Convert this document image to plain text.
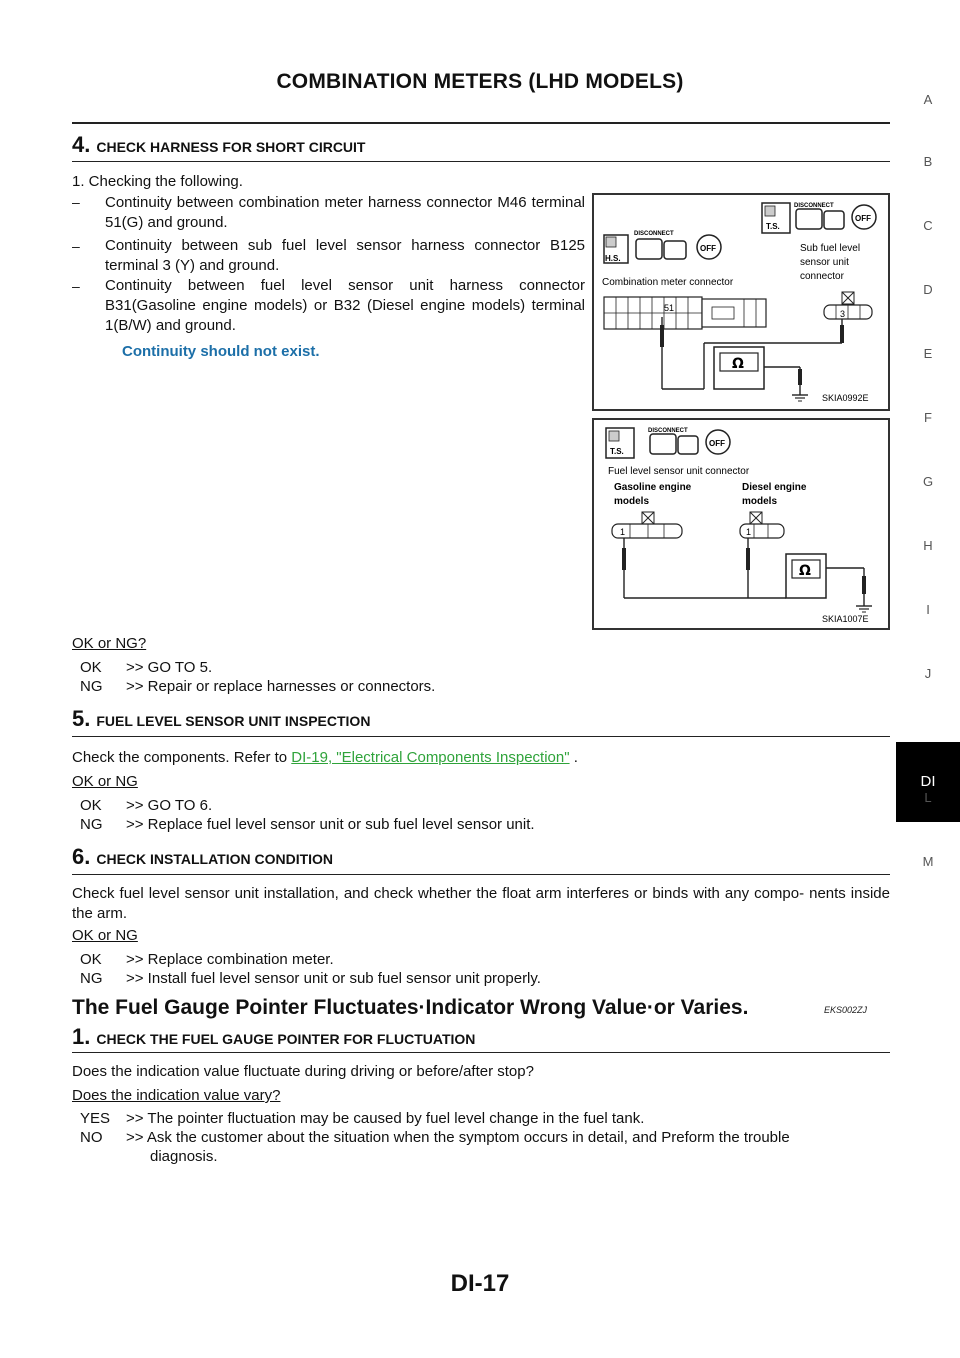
COMBINATION METERS (LHD MODELS)
A
B
C
D
E
F
G
H
I
J
DI
L
M
4. CHECK HARNESS FOR SHORT CIRCUIT
1. Checking the following.
– Continuity between combination meter harness connector M46 terminal 51(G) and ground.
– Continuity between sub fuel level sensor harness connector B125 terminal 3 (Y) and ground.
– Continuity between fuel level sensor unit harness connector B31(Gasoline engine models) or B32 (Diesel engine models) terminal 1(B/W) and ground.
Continuity should not exist.
H.S.
DISCONNECT
OFF
T.S.
DISCONNECT
OFF
Combination meter connector
Sub fuel level
sensor unit
connector
51
3
Ω
SKIA0992E
T.S.
DISCONNECT
OFF
Fuel level sensor unit connector
Gasoline engine
models
Diesel engine
models
1	1
Ω
SKIA1007E
OK or NG?
OK >> GO TO 5.
NG >> Repair or replace harnesses or connectors.
5. FUEL LEVEL SENSOR UNIT INSPECTION
Check the components. Refer to DI-19, "Electrical Components Inspection" .
OK or NG
OK >> GO TO 6.
NG >> Replace fuel level sensor unit or sub fuel level sensor unit.
6. CHECK INSTALLATION CONDITION
Check fuel level sensor unit installation, and check whether the float arm interferes or binds with any compo- nents inside the arm.
OK or NG
OK >> Replace combination meter.
NG >> Install fuel level sensor unit or sub fuel sensor unit properly.
The Fuel Gauge Pointer Fluctuates·Indicator Wrong Value·or Varies.	EKS002ZJ
1. CHECK THE FUEL GAUGE POINTER FOR FLUCTUATION
Does the indication value fluctuate during driving or before/after stop?
Does the indication value vary?
YES >> The pointer fluctuation may be caused by fuel level change in the fuel tank.
NO >> Ask the customer about the situation when the symptom occurs in detail, and Preform the trouble
diagnosis.
DI-17
